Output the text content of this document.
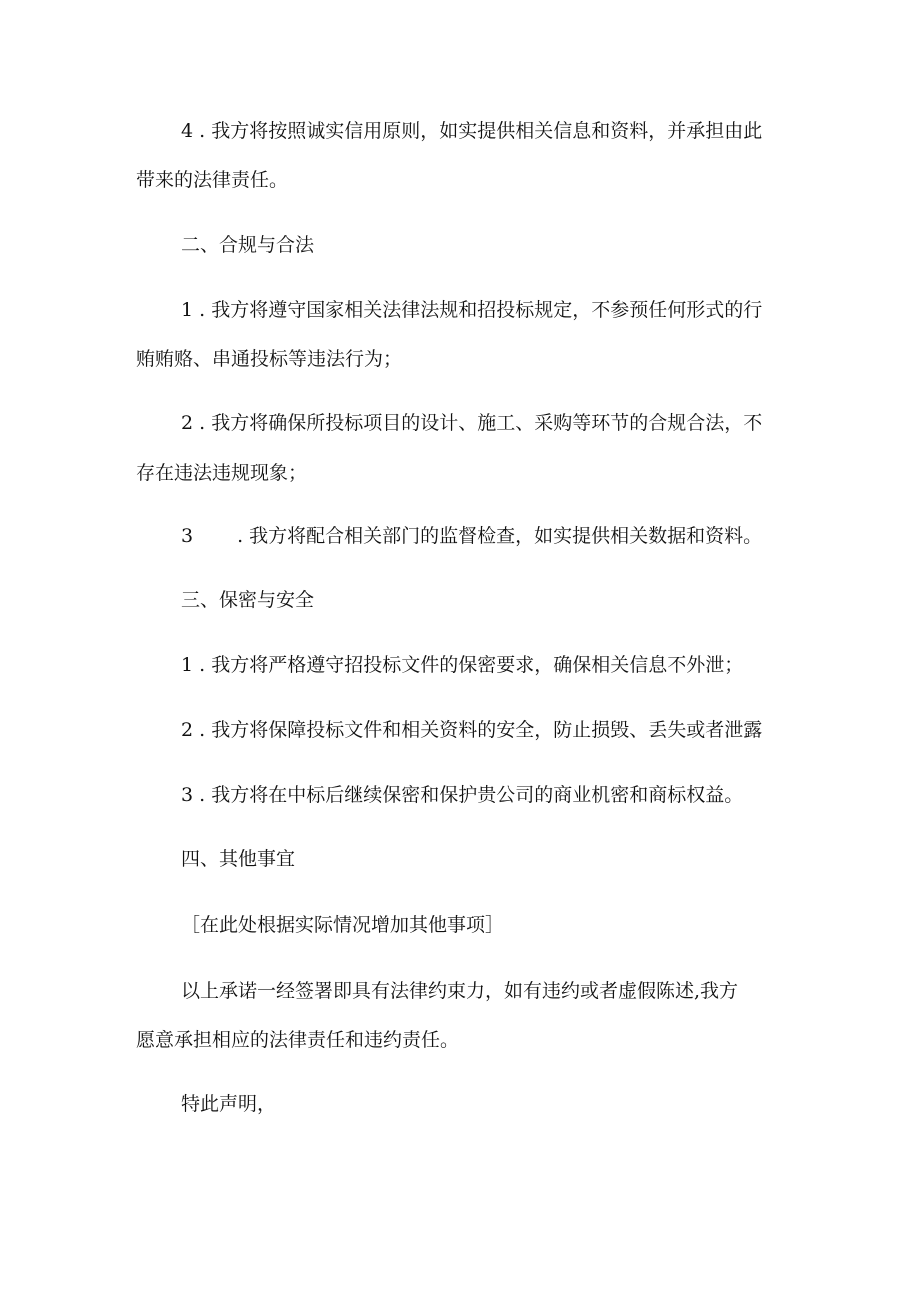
4 . 我方将按照诚实信用原则，如实提供相关信息和资料，并承担由此
带来的法律责任。
二、合规与合法
1 . 我方将遵守国家相关法律法规和招投标规定，不参预任何形式的行
贿贿赂、串通投标等违法行为；
2 . 我方将确保所投标项目的设计、施工、采购等环节的合规合法，不
存在违法违规现象；
3 . 我方将配合相关部门的监督检查，如实提供相关数据和资料。
三、保密与安全
1 . 我方将严格遵守招投标文件的保密要求，确保相关信息不外泄；
2 . 我方将保障投标文件和相关资料的安全，防止损毁、丢失或者泄露
3 . 我方将在中标后继续保密和保护贵公司的商业机密和商标权益。
四、其他事宜
［在此处根据实际情况增加其他事项］
以上承诺一经签署即具有法律约束力，如有违约或者虚假陈述,我方
愿意承担相应的法律责任和违约责任。
特此声明，
